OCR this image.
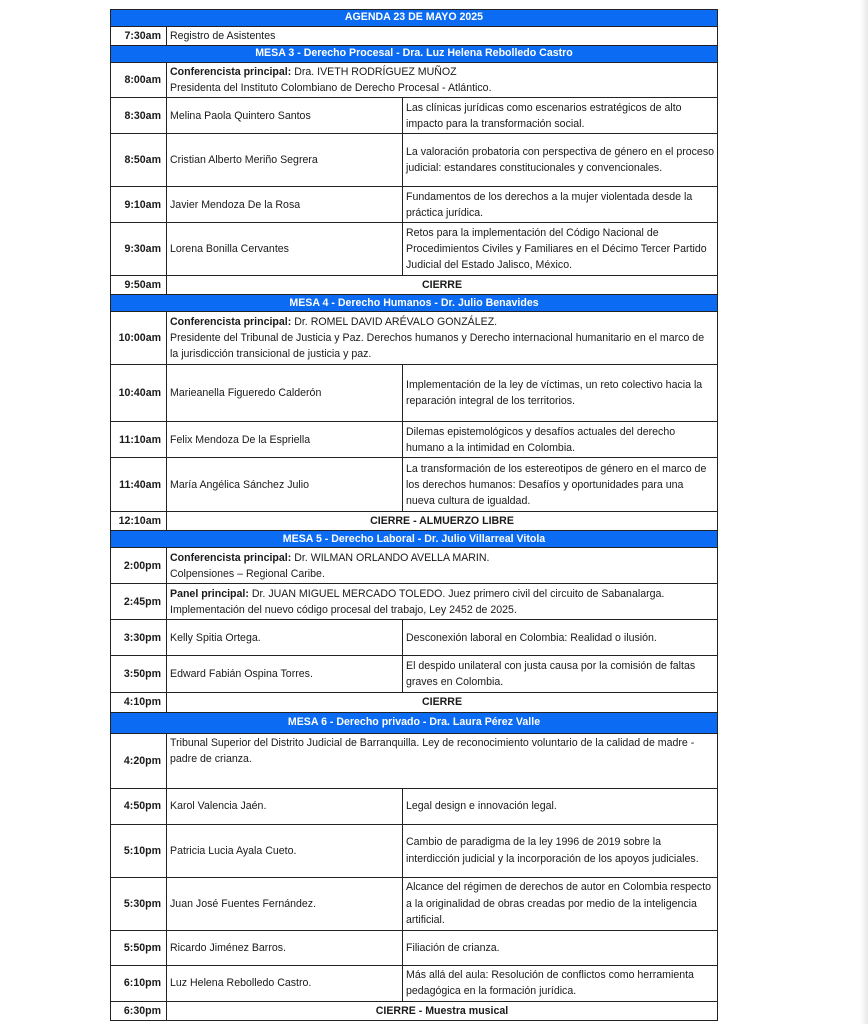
AGENDA 23 DE MAYO 2025		
7:30am	Registro de Asistentes	
MESA 3 - Derecho Procesal - Dra. Luz Helena Rebolledo Castro		
8:00am	Conferencista principal: Dra. IVETH RODRÍGUEZ MUÑOZ
Presidenta del Instituto Colombiano de Derecho Procesal - Atlántico.	
8:30am	Melina Paola Quintero Santos	Las clínicas jurídicas como escenarios estratégicos de alto impacto para la transformación social.
8:50am	Cristian Alberto Meriño Segrera	La valoración probatoria con perspectiva de género en el proceso judicial: estandares constitucionales y convencionales.
9:10am	Javier Mendoza De la Rosa	Fundamentos de los derechos a la mujer violentada desde la práctica jurídica.
9:30am	Lorena Bonilla Cervantes	Retos para la implementación del Código Nacional de Procedimientos Civiles y Familiares en el Décimo Tercer Partido Judicial del Estado Jalisco, México.
9:50am	CIERRE	
MESA 4 - Derecho Humanos - Dr. Julio Benavides		
10:00am	Conferencista principal: Dr. ROMEL DAVID ARÉVALO GONZÁLEZ.
Presidente del Tribunal de Justicia y Paz. Derechos humanos y Derecho internacional humanitario en el marco de la jurisdicción transicional de justicia y paz.	
10:40am	Marieanella Figueredo Calderón	Implementación de la ley de víctimas, un reto colectivo hacia la reparación integral de los territorios.
11:10am	Felix Mendoza De la Espriella	Dilemas epistemológicos y desafíos actuales del derecho humano a la intimidad en Colombia.
11:40am	María Angélica Sánchez Julio	La transformación de los estereotipos de género en el marco de los derechos humanos: Desafíos y oportunidades para una nueva cultura de igualdad.
12:10am	CIERRE - ALMUERZO LIBRE	
MESA 5 - Derecho Laboral - Dr. Julio Villarreal Vitola		
2:00pm	Conferencista principal: Dr. WILMAN ORLANDO AVELLA MARIN.
Colpensiones – Regional Caribe.	
2:45pm	Panel principal: Dr. JUAN MIGUEL MERCADO TOLEDO. Juez primero civil del circuito de Sabanalarga.
Implementación del nuevo código procesal del trabajo, Ley 2452 de 2025.	
3:30pm	Kelly Spitia Ortega.	Desconexión laboral en Colombia: Realidad o ilusión.
3:50pm	Edward Fabián Ospina Torres.	El despido unilateral con justa causa por la comisión de faltas graves en Colombia.
4:10pm	CIERRE	
MESA 6 - Derecho privado - Dra. Laura Pérez Valle		
4:20pm	Tribunal Superior del Distrito Judicial de Barranquilla. Ley de reconocimiento voluntario de la calidad de madre - padre de crianza.	
4:50pm	Karol Valencia Jaén.	Legal design e innovación legal.
5:10pm	Patricia Lucia Ayala Cueto.	Cambio de paradigma de la ley 1996 de 2019 sobre la interdicción judicial y la incorporación de los apoyos judiciales.
5:30pm	Juan José Fuentes Fernández.	Alcance del régimen de derechos de autor en Colombia respecto a la originalidad de obras creadas por medio de la inteligencia artificial.
5:50pm	Ricardo Jiménez Barros.	Filiación de crianza.
6:10pm	Luz Helena Rebolledo Castro.	Más allá del aula: Resolución de conflictos como herramienta pedagógica en la formación jurídica.
6:30pm	CIERRE - Muestra musical	
